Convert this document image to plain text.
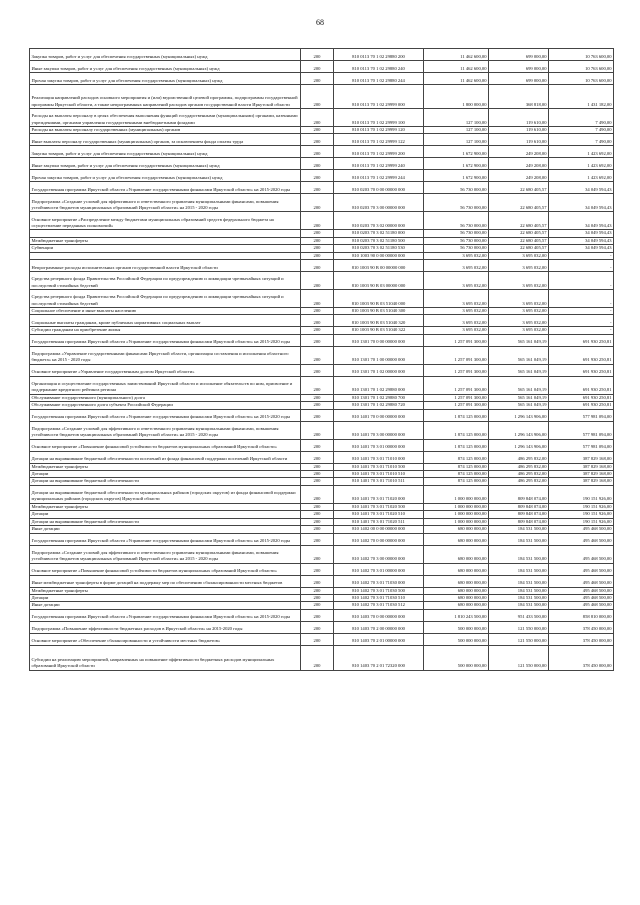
68
Закупка товаров, работ и услуг для обеспечения государственных (муниципальных) нужд	200	810 0113 70 1 02 29880 200	11 462 600,00	699 000,00	10 763 600,00
Иные закупки товаров, работ и услуг для обеспечения государственных (муниципальных) нужд	200	810 0113 70 1 02 29880 240	11 462 600,00	699 000,00	10 763 600,00
Прочая закупка товаров, работ и услуг для обеспечения государственных (муниципальных) нужд	200	810 0113 70 1 02 29880 244	11 462 600,00	699 000,00	10 763 600,00
Реализация направлений расходов основного мероприятия и (или) ведомственной целевой программы, подпрограммы государственной программы Иркутской области, а также непрограммных направлений расходов органов государственной власти Иркутской области	200	810 0113 70 1 02 29999 000	1 800 000,00	368 818,00	1 431 182,00
Расходы на выплаты персоналу в целях обеспечения выполнения функций государственными (муниципальными) органами, казенными учреждениями, органами управления государственными внебюджетными фондами	200	810 0113 70 1 02 29999 100	127 100,00	119 610,00	7 490,00
Расходы на выплаты персоналу государственных (муниципальных) органов	200	810 0113 70 1 02 29999 120	127 100,00	119 610,00	7 490,00
Иные выплаты персоналу государственных (муниципальных) органов, за исключением фонда оплаты труда	200	810 0113 70 1 02 29999 122	127 100,00	119 610,00	7 490,00
Закупка товаров, работ и услуг для обеспечения государственных (муниципальных) нужд	200	810 0113 70 1 02 29999 200	1 672 900,00	249 208,00	1 423 692,00
Иные закупки товаров, работ и услуг для обеспечения государственных (муниципальных) нужд	200	810 0113 70 1 02 29999 240	1 672 900,00	249 208,00	1 423 692,00
Прочая закупка товаров, работ и услуг для обеспечения государственных (муниципальных) нужд	200	810 0113 70 1 02 29999 244	1 672 900,00	249 208,00	1 423 692,00
Государственная программа Иркутской области «Управление государственными финансами Иркутской области» на 2015-2020 годы	200	810 0203 70 0 00 00000 000	56 730 000,00	22 680 405,57	34 049 594,43
Подпрограмма «Создание условий для эффективного и ответственного управления муниципальными финансами, повышения устойчивости бюджетов муниципальных образований Иркутской области» на 2015 - 2020 годы	200	810 0203 70 3 00 00000 000	56 730 000,00	22 680 405,57	34 049 594,43
Основное мероприятие «Распределение между бюджетами муниципальных образований средств федерального бюджета на осуществление переданных полномочий»	200	810 0203 70 3 02 00000 000	56 730 000,00	22 680 405,57	34 049 594,43
	200	810 0203 70 3 02 51180 000	56 730 000,00	22 680 405,57	34 049 594,43
Межбюджетные трансферты	200	810 0203 70 3 02 51180 500	56 730 000,00	22 680 405,57	34 049 594,43
Субвенции	200	810 0203 70 3 02 51180 530	56 730 000,00	22 680 405,57	34 049 594,43
	200	810 1003 90 0 00 00000 000	3 695 032,00	3 695 032,00	-
Непрограммные расходы исполнительных органов государственной власти Иркутской области	200	810 1003 90 В 00 00000 000	3 695 032,00	3 695 032,00	-
Средства резервного фонда Правительства Российской Федерации по предупреждению и ликвидации чрезвычайных ситуаций и последствий стихийных бедствий	200	810 1003 90 В 03 00000 000	3 695 032,00	3 695 032,00	-
Средства резервного фонда Правительства Российской Федерации по предупреждению и ликвидации чрезвычайных ситуаций и последствий стихийных бедствий	200	810 1003 90 В 03 51040 000	3 695 032,00	3 695 032,00	-
Социальное обеспечение и иные выплаты населению	200	810 1003 90 В 03 51040 300	3 695 032,00	3 695 032,00	-
Социальные выплаты гражданам, кроме публичных нормативных социальных выплат	200	810 1003 90 В 03 51040 320	3 695 032,00	3 695 032,00	-
Субсидии гражданам на приобретение жилья	200	810 1003 90 В 03 51040 322	3 695 032,00	3 695 032,00	-
Государственная программа Иркутской области «Управление государственными финансами Иркутской области» на 2015-2020 годы	200	810 1301 70 0 00 00000 000	1 257 091 300,00	565 161 049,19	691 930 250,81
Подпрограмма «Управление государственными финансами Иркутской области, организация составления и исполнения областного бюджета» на 2015 - 2020 годы	200	810 1301 70 1 00 00000 000	1 257 091 300,00	565 161 049,19	691 930 250,81
Основное мероприятие «Управление государственным долгом Иркутской области»	200	810 1301 70 1 02 00000 000	1 257 091 300,00	565 161 049,19	691 930 250,81
Организация и осуществление государственных заимствований Иркутской области и исполнение обязательств по ним, присвоение и поддержание кредитного рейтинга региона	200	810 1301 70 1 02 29880 000	1 257 091 300,00	565 161 049,19	691 930 250,81
Обслуживание государственного (муниципального) долга	200	810 1301 70 1 02 29880 700	1 257 091 300,00	565 161 049,19	691 930 250,81
Обслуживание государственного долга субъекта Российской Федерации	200	810 1301 70 1 02 29880 720	1 257 091 300,00	565 161 049,19	691 930 250,81
Государственная программа Иркутской области «Управление государственными финансами Иркутской области» на 2015-2020 годы	200	810 1401 70 0 00 00000 000	1 874 125 000,00	1 296 143 906,00	577 981 094,00
Подпрограмма «Создание условий для эффективного и ответственного управления муниципальными финансами, повышения устойчивости бюджетов муниципальных образований Иркутской области» на 2015 - 2020 годы	200	810 1401 70 3 00 00000 000	1 874 125 000,00	1 296 143 906,00	577 981 094,00
Основное мероприятие «Повышение финансовой устойчивости бюджетов муниципальных образований Иркутской области»	200	810 1401 70 3 01 00000 000	1 874 125 000,00	1 296 143 906,00	577 981 094,00
Дотации на выравнивание бюджетной обеспеченности поселений из фонда финансовой поддержки поселений Иркутской области	200	810 1401 70 3 01 71010 000	874 125 000,00	486 295 832,00	387 829 168,00
Межбюджетные трансферты	200	810 1401 70 3 01 71010 500	874 125 000,00	486 295 832,00	387 829 168,00
Дотации	200	810 1401 70 3 01 71010 510	874 125 000,00	486 295 832,00	387 829 168,00
Дотации на выравнивание бюджетной обеспеченности	200	810 1401 70 3 01 71010 511	874 125 000,00	486 295 832,00	387 829 168,00
Дотации на выравнивание бюджетной обеспеченности муниципальных районов (городских округов) из фонда финансовой поддержки муниципальных районов (городских округов) Иркутской области	200	810 1401 70 3 01 71020 000	1 000 000 000,00	809 848 074,00	190 151 926,00
Межбюджетные трансферты	200	810 1401 70 3 01 71020 500	1 000 000 000,00	809 848 074,00	190 151 926,00
Дотации	200	810 1401 70 3 01 71020 510	1 000 000 000,00	809 848 074,00	190 151 926,00
Дотации на выравнивание бюджетной обеспеченности	200	810 1401 70 3 01 71020 511	1 000 000 000,00	809 848 074,00	190 151 926,00
Иные дотации	200	810 1402 00 0 00 00000 000	680 000 000,00	184 531 500,00	495 468 500,00
Государственная программа Иркутской области «Управление государственными финансами Иркутской области» на 2015-2020 годы	200	810 1402 70 0 00 00000 000	680 000 000,00	184 531 500,00	495 468 500,00
Подпрограмма «Создание условий для эффективного и ответственного управления муниципальными финансами, повышения устойчивости бюджетов муниципальных образований Иркутской области» на 2015 - 2020 годы	200	810 1402 70 3 00 00000 000	680 000 000,00	184 531 500,00	495 468 500,00
Основное мероприятие «Повышение финансовой устойчивости бюджетов муниципальных образований Иркутской области»	200	810 1402 70 3 01 00000 000	680 000 000,00	184 531 500,00	495 468 500,00
Иные межбюджетные трансферты в форме дотаций на поддержку мер по обеспечению сбалансированности местных бюджетов	200	810 1402 70 3 01 71030 000	680 000 000,00	184 531 500,00	495 468 500,00
Межбюджетные трансферты	200	810 1402 70 3 01 71030 500	680 000 000,00	184 531 500,00	495 468 500,00
Дотации	200	810 1402 70 3 01 71030 510	680 000 000,00	184 531 500,00	495 468 500,00
Иные дотации	200	810 1402 70 3 01 71030 512	680 000 000,00	184 531 500,00	495 468 500,00
Государственная программа Иркутской области «Управление государственными финансами Иркутской области» на 2015-2020 годы	200	810 1403 70 0 00 00000 000	1 810 243 500,00	951 433 500,00	858 810 000,00
Подпрограмма «Повышение эффективности бюджетных расходов в Иркутской области» на 2015-2020 годы	200	810 1403 70 2 00 00000 000	500 000 000,00	121 550 000,00	378 450 000,00
Основное мероприятие «Обеспечение сбалансированности и устойчивости местных бюджетов»	200	810 1403 70 2 01 00000 000	500 000 000,00	121 550 000,00	378 450 000,00
Субсидии на реализацию мероприятий, направленных на повышение эффективности бюджетных расходов муниципальных образований Иркутской области	200	810 1403 70 2 01 72320 000	500 000 000,00	121 550 000,00	378 450 000,00
